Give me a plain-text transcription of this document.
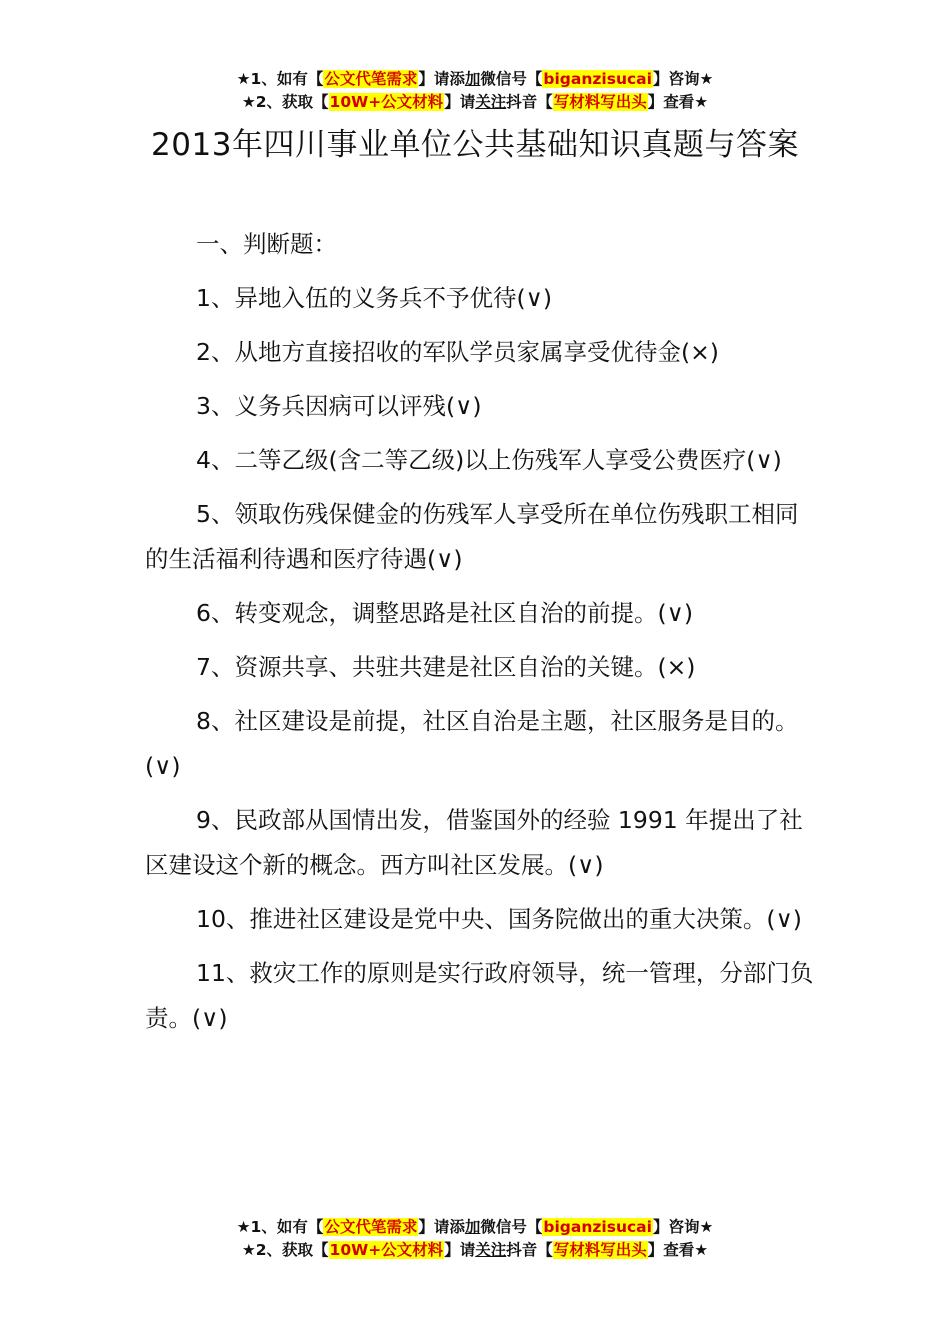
★1、如有【公文代笔需求】请添加微信号【biganzisucai】咨询★
★2、获取【10W+公文材料】请关注抖音【写材料写出头】查看★
2013年四川事业单位公共基础知识真题与答案

一、判断题：

1、异地入伍的义务兵不予优待(∨)

2、从地方直接招收的军队学员家属享受优待金(×)

3、义务兵因病可以评残(∨)

4、二等乙级(含二等乙级)以上伤残军人享受公费医疗(∨)

5、领取伤残保健金的伤残军人享受所在单位伤残职工相同的生活福利待遇和医疗待遇(∨)

6、转变观念，调整思路是社区自治的前提。(∨)

7、资源共享、共驻共建是社区自治的关键。(×)

8、社区建设是前提，社区自治是主题，社区服务是目的。(∨)

9、民政部从国情出发，借鉴国外的经验 1991 年提出了社区建设这个新的概念。西方叫社区发展。(∨)

10、推进社区建设是党中央、国务院做出的重大决策。(∨)

11、救灾工作的原则是实行政府领导，统一管理，分部门负责。(∨)

★1、如有【公文代笔需求】请添加微信号【biganzisucai】咨询★
★2、获取【10W+公文材料】请关注抖音【写材料写出头】查看★
